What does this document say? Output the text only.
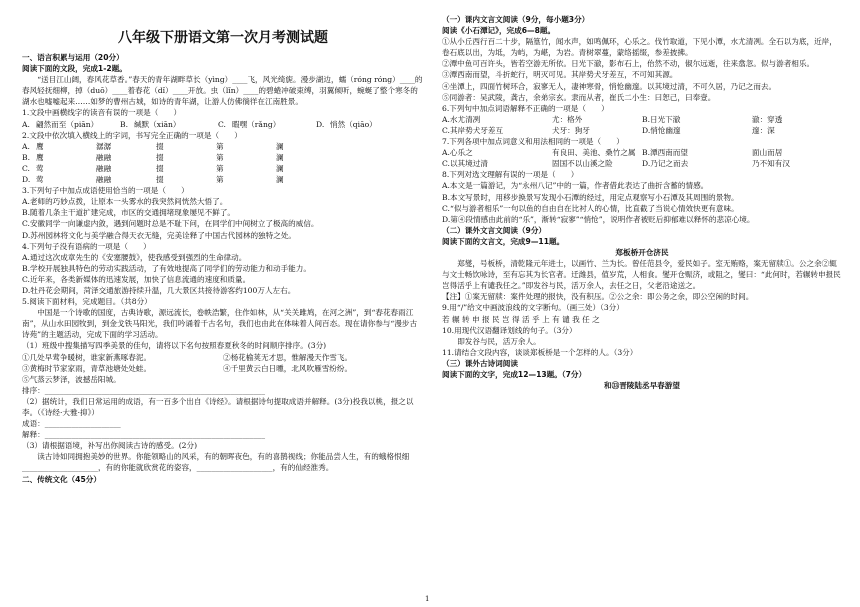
八年级下册语文第一次月考测试题
一、语言积累与运用（20分）
阅读下面的文段，完成1-2题。
“送目江山阔，春风花草香。”春天的青年湖畔草长（yìng）____飞，风光绮旎。漫步湖边，蠕（róng róng）____的春风轻抚细柳，掉（duō）____着春花（dǐ）____开放。虫（lǐn）____的碧蜷冲破束缚，羽翼倾听，蜿蜒了整个寒冬的湖水也嘘嘘起来……如梦的曹州古城，如诗的青年湖，让游人仿佛徜徉在江南胜景。
1.文段中画横线字的读音有误的一项是（　　）
A. 翩然而至（piān）	B. 缄默（xiān）	C. 暇嘿（rǎng）	D. 悄然（qiāo）
2.文段中依次填入横线上的字词，书写完全正确的一项是（　　）
A. 鹰	潺潺	掇	第	澜
B. 鹰	融融	掇	第	澜
C. 莺	融融	掇	第	澜
D. 莺	融融	掇	第	澜
3.下列句子中加点成语使用恰当的一项是（　　）
A.老师的巧妙点拨，让原本一头雾水的我突然间恍然大悟了。
B.随着几条主干道扩建完成，市区的交通拥堵现象屡见不鲜了。
C.安徽同学一向谦虚内敛，遇到问题时总是不耻下问，在同学们中间树立了极高的威信。
D.苏州园林将文化与美学融合得天衣无缝，完美诠释了中国古代园林的独特之处。
4.下列句子没有语病的一项是（　　）
A.通过这次成章先生的《安塞腰鼓》，使我感受到强烈的生命律动。
B.学校开展独具特色的劳动实践活动，了有效地提高了同学们的劳动能力和动手能力。
C.近年来，各类新媒体的迅速发展，加快了信息流通的速度和质量。
D.牡丹花会期间，菏泽交通旅游持续升温，几大景区共接待游客约100万人左右。
5.阅读下面材料，完成题目。（共8分）
中国是一个诗歌的国度，古典诗歌，源远流长，卷帙浩繁，住作如林，从“关关雎鸠，在河之洲”，到“春花春雨江南”，从山水田园牧到，到金戈铁马阳光，我们吟诵着千古名句，我们也由此在体味着人间百态。现在请你参与“漫步古诗苑”的主题活动，完成下面的学习活动。
（1）班级中搜集描写四季美景的佳句，请将以下名句按照春夏秋冬的时间顺序排序。(3分)
①几处早莺争暖树，谁家新燕啄春泥。	②杨花榆荚无才思，惟解漫天作雪飞。
③黄梅时节家家雨，青草池塘处处蛙。	④千里黄云白日曛，北风吹雁雪纷纷。
⑤气蒸云梦泽，波撼岳阳城。
排序：__________________________________________________________
（2）据统计，我们日常运用的成语，有一百多个出自《诗经》。请根据诗句提取成语并解释。(3分)投我以桃，报之以李。（《诗经·大雅·抑》）
成语：____________________
解释：__________________________________________________________
（3）请根据语境，补写出你阅读古诗的感受。(2分)
读古诗如同拥抱美妙的世界。你能领略山的风采，有的朝晖夜色，有的喜鹊视线；你能品尝人生，有的蛾格恨细____________________，有的你能就欣赏花的姿容，____________________，有的仙经淮秀。
二、传统文化（45分）
（一）课内文言文阅读（9分，每小题3分）
阅读《小石潭记》，完成6—8题。
①从小丘西行百二十步，隔篁竹，闻水声，如鸣佩环，心乐之。伐竹取道，下见小潭，水尤清冽。全石以为底，近岸，卷石底以出，为坻，为屿，为嵁，为岩。青树翠蔓，蒙络摇缀，参差披拂。
②潭中鱼可百许头，皆若空游无所依。日光下澈，影布石上，佁然不动，俶尔远逝，往来翕忽。似与游者相乐。
③潭西南而望，斗折蛇行，明灭可见。其岸势犬牙差互，不可知其源。
④坐潭上，四面竹树环合，寂寥无人，凄神寒骨，悄怆幽邃。以其境过清，不可久居，乃记之而去。
⑤同游者：吴武陵，龚古，余弟宗玄。隶而从者，崔氏二小生：曰恕己，曰奉壹。
6.下列句中加点词语解释不正确的一项是（　　）
A.水尤清冽	尤：格外	B.日光下澈	澈：穿透
C.其岸势犬牙差互	犬牙：狗牙	D.悄怆幽邃	邃：深
7.下列各项中加点词意义和用法相同的一项是（　　）
A.心乐之	有良田、美池、桑竹之属 B.潭西南而望	面山而居
C.以其境过清	固国不以山溪之险	D.乃记之而去	乃不知有汉
8.下列对选文理解有误的一项是（　　）
A.本文是一篇游记，为“永州八记”中的一篇，作者借此表达了曲折含蓄的情感。
B.本文写景时，用移步换景写发现小石潭的经过，用定点观察写小石潭及其周围的景物。
C.“似与游者相乐”一句以鱼的自由自在比衬人的心情，比直截了当说心情效快更有意味。
D.第④段情感由此前的“乐”，渐转“寂寥”“悄怆”，说明作者被贬后抑郁难以释怀的悲凉心境。
（二）课外文言文阅读（9分）
阅读下面的文言文，完成9—11题。
郑板桥开仓济民
郑燮，号板桥，清乾隆元年进士，以画竹、兰为长。曾任范县令，爱民如子。室无贿赂，案无留牍①。公之余②辄与文士畅饮咏诗，至有忘其为长官者。迁潍县，值岁荒，人相食。燮开仓赈济，或阻之，燮曰：“此何时，若辗转申报民岂得活乎上有谴我任之。”即发谷与民，活万余人，去任之日，父老沿途送之。
【注】①案无留牍：案件处理的报快，没有积压。②公之余：即公务之余，即公空闲的时间。
9.用“/”给文中画波浪线的文字断句。（画三处）（3分）
若 辗 转 申 报 民 岂 得 活 乎 上 有 谴 我 任 之
10.用现代汉语翻译划线的句子。（3分）
即发谷与民，活万余人。
11.请结合文段内容，谈谈郑板桥是一个怎样的人。（3分）
（三）课外古诗词阅读
阅读下面的文字，完成12—13题。（7分）
和⑬晋陵陆丞早春游望
1
